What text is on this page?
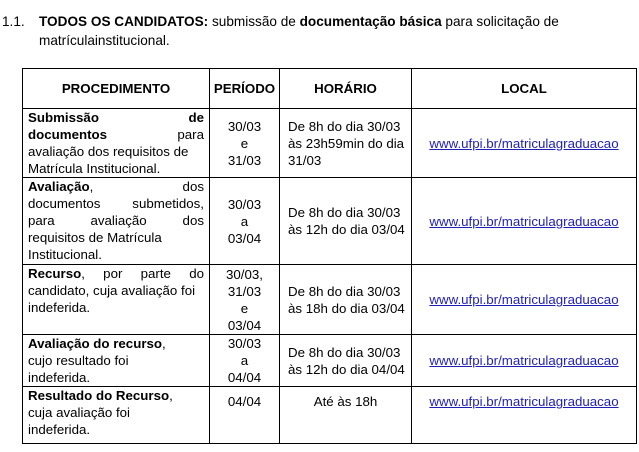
1.1. TODOS OS CANDIDATOS: submissão de documentação básica para solicitação de
matrículainstitucional.
PROCEDIMENTO	PERÍODO	HORÁRIO	LOCAL

Submissão de
documentos para
avaliação dos requisitos de
Matrícula Institucional.	30/03
e
31/03	De 8h do dia 30/03
às 23h59min do dia
31/03	www.ufpi.br/matriculagraduacao

Avaliação, dos
documentos submetidos,
para avaliação dos
requisitos de Matrícula
Institucional.	30/03
a
03/04	De 8h do dia 30/03
às 12h do dia 03/04	www.ufpi.br/matriculagraduacao

Recurso, por parte do
candidato, cuja avaliação foi
indeferida.	30/03,
31/03
e
03/04	De 8h do dia 30/03
às 18h do dia 03/04	www.ufpi.br/matriculagraduacao

Avaliação do recurso,
cujo resultado foi
indeferida.	30/03
a
04/04	De 8h do dia 30/03
às 12h do dia 04/04	www.ufpi.br/matriculagraduacao

Resultado do Recurso,
cuja avaliação foi
indeferida.	04/04	Até às 18h	www.ufpi.br/matriculagraduacao
